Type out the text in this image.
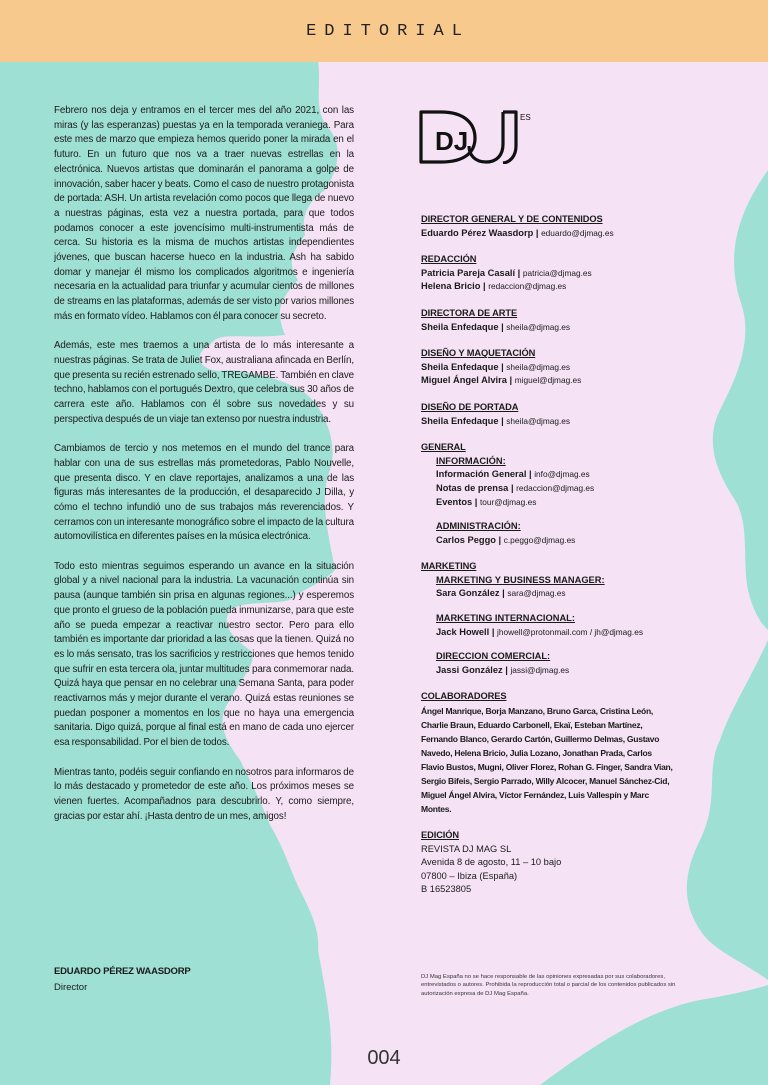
EDITORIAL

Febrero nos deja y entramos en el tercer mes del año 2021, con las miras (y las esperanzas) puestas ya en la temporada veraniega. Para este mes de marzo que empieza hemos querido poner la mirada en el futuro. En un futuro que nos va a traer nuevas estrellas en la electrónica. Nuevos artistas que dominarán el panorama a golpe de innovación, saber hacer y beats. Como el caso de nuestro protagonista de portada: ASH. Un artista revelación como pocos que llega de nuevo a nuestras páginas, esta vez a nuestra portada, para que todos podamos conocer a este jovencísimo multi-instrumentista más de cerca. Su historia es la misma de muchos artistas independientes jóvenes, que buscan hacerse hueco en la industria. Ash ha sabido domar y manejar él mismo los complicados algoritmos e ingeniería necesaria en la actualidad para triunfar y acumular cientos de millones de streams en las plataformas, además de ser visto por varios millones más en formato vídeo. Hablamos con él para conocer su secreto.

Además, este mes traemos a una artista de lo más interesante a nuestras páginas. Se trata de Juliet Fox, australiana afincada en Berlín, que presenta su recién estrenado sello, TREGAMBE. También en clave techno, hablamos con el portugués Dextro, que celebra sus 30 años de carrera este año. Hablamos con él sobre sus novedades y su perspectiva después de un viaje tan extenso por nuestra industria.

Cambiamos de tercio y nos metemos en el mundo del trance para hablar con una de sus estrellas más prometedoras, Pablo Nouvelle, que presenta disco. Y en clave reportajes, analizamos a una de las figuras más interesantes de la producción, el desaparecido J Dilla, y cómo el techno infundió uno de sus trabajos más reverenciados. Y cerramos con un interesante monográfico sobre el impacto de la cultura automovilística en diferentes países en la música electrónica.

Todo esto mientras seguimos esperando un avance en la situación global y a nivel nacional para la industria. La vacunación continúa sin pausa (aunque también sin prisa en algunas regiones...) y esperemos que pronto el grueso de la población pueda inmunizarse, para que este año se pueda empezar a reactivar nuestro sector. Pero para ello también es importante dar prioridad a las cosas que la tienen. Quizá no es lo más sensato, tras los sacrificios y restricciones que hemos tenido que sufrir en esta tercera ola, juntar multitudes para conmemorar nada. Quizá haya que pensar en no celebrar una Semana Santa, para poder reactivarnos más y mejor durante el verano. Quizá estas reuniones se puedan posponer a momentos en los que no haya una emergencia sanitaria. Digo quizá, porque al final está en mano de cada uno ejercer esa responsabilidad. Por el bien de todos.

Mientras tanto, podéis seguir confiando en nosotros para informaros de lo más destacado y prometedor de este año. Los próximos meses se vienen fuertes. Acompañadnos para descubrirlo. Y, como siempre, gracias por estar ahí. ¡Hasta dentro de un mes, amigos!

EDUARDO PÉREZ WAASDORP
Director
DJ
ES
DIRECTOR GENERAL Y DE CONTENIDOS
Eduardo Pérez Waasdorp | eduardo@djmag.es
REDACCIÓN
Patricia Pareja Casalí | patricia@djmag.es
Helena Bricio | redaccion@djmag.es
DIRECTORA DE ARTE
Sheila Enfedaque | sheila@djmag.es
DISEÑO Y MAQUETACIÓN
Sheila Enfedaque | sheila@djmag.es
Miguel Ángel Alvira | miguel@djmag.es
DISEÑO DE PORTADA
Sheila Enfedaque | sheila@djmag.es
GENERAL
INFORMACIÓN:
Información General | info@djmag.es
Notas de prensa | redaccion@djmag.es
Eventos | tour@djmag.es
ADMINISTRACIÓN:
Carlos Peggo | c.peggo@djmag.es
MARKETING
MARKETING Y BUSINESS MANAGER:
Sara González | sara@djmag.es
MARKETING INTERNACIONAL:
Jack Howell | jhowell@protonmail.com / jh@djmag.es
DIRECCION COMERCIAL:
Jassi González | jassi@djmag.es
COLABORADORES
Ángel Manrique, Borja Manzano, Bruno Garca, Cristina León, Charlie Braun, Eduardo Carbonell, Ekaï, Esteban Martínez, Fernando Blanco, Gerardo Cartón, Guillermo Delmas, Gustavo Navedo, Helena Bricio, Julia Lozano, Jonathan Prada, Carlos Flavio Bustos, Mugni, Oliver Florez, Rohan G. Finger, Sandra Vian, Sergio Bifeis, Sergio Parrado, Willy Alcocer, Manuel Sánchez-Cid, Miguel Ángel Alvira, Víctor Fernández, Luis Vallespín y Marc Montes.
EDICIÓN
REVISTA DJ MAG SL
Avenida 8 de agosto, 11 – 10 bajo
07800 – Ibiza (España)
B 16523805
DJ Mag España no se hace responsable de las opiniones expresadas por sus colaboradores, entrevistados o autores. Prohibida la reproducción total o parcial de los contenidos publicados sin autorización expresa de DJ Mag España.
004
